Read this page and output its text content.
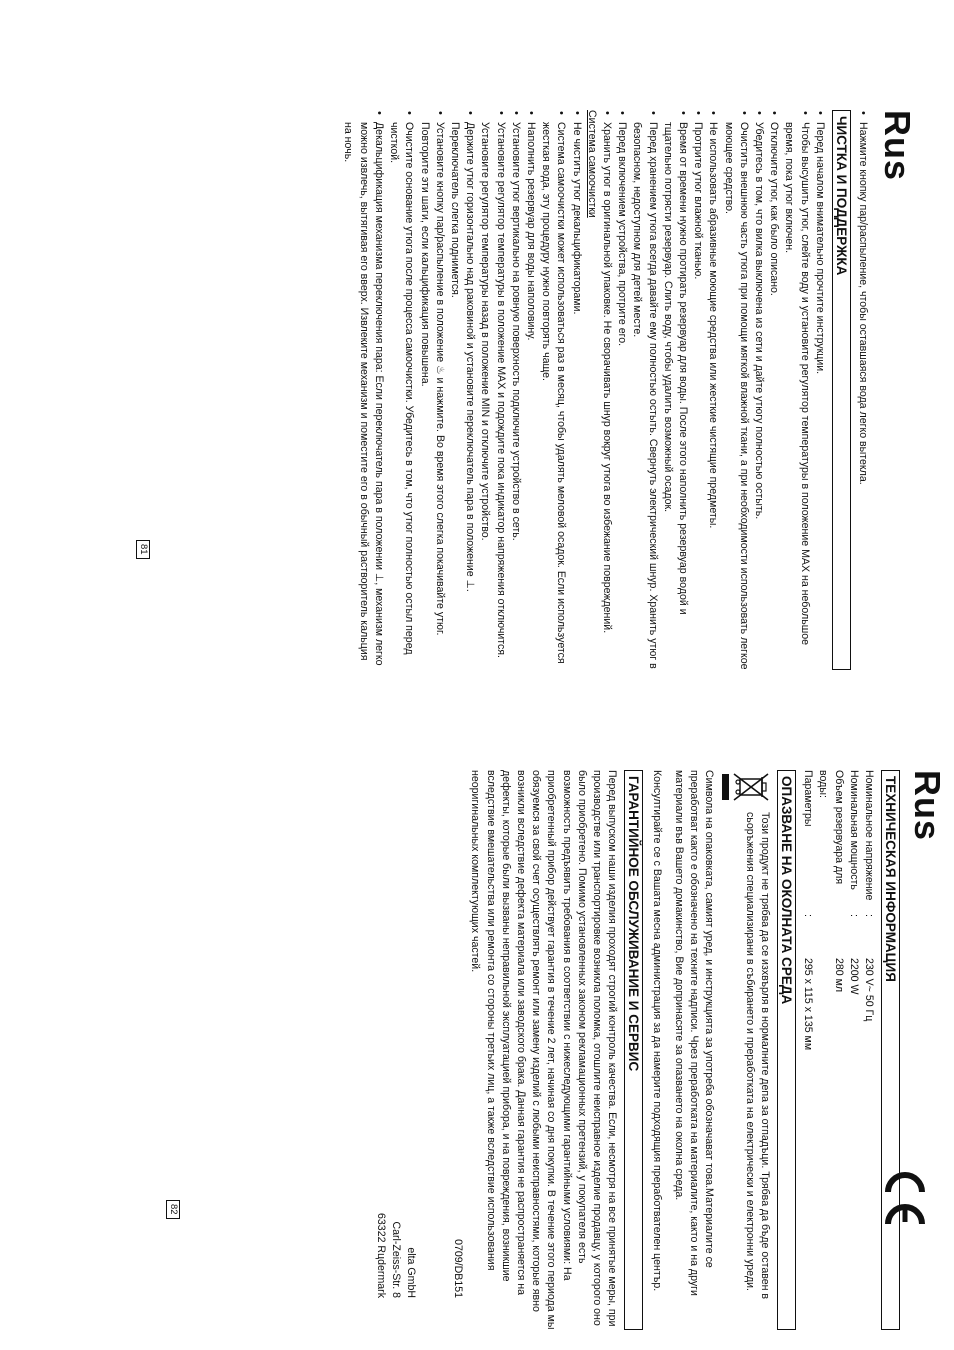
Rus
• Нажмите кнопку пар/распыление, чтобы оставшаяся вода легко вытекла.
ЧИСТКА И ПОДДЕРЖКА
• Перед началом внимательно прочтите инструкции.
• Чтобы высушить утюг, слейте воду и установите регулятор температуры в положение MAX на небольшое время, пока утюг включен.
• Отключите утюг, как было описано.
• Убедитесь в том, что вилка выключена из сети и дайте утюгу полностью остыть.
• Очистить внешнюю часть утюга при помощи мягкой влажной ткани, а при необходимости использовать легкое моющее средство.
• Не использовать абразивные моющие средства или жесткие чистящие предметы.
• Протрите утюг влажной тканью.
• Время от времени нужно протирать резервуар для воды. После этого наполнить резервуар водой и тщательно потрясти резервуар. Слить воду, чтобы удалить возможный осадок.
• Перед хранением утюга всегда давайте ему полностью остыть. Свернуть электрический шнур. Хранить утюг в безопасном, недоступном для детей месте.
• Перед включением устройства, протрите его.
• Хранить утюг в оригинальной упаковке. Не сворачивать шнур вокруг утюга во избежание повреждений.
Система самоочистки
• Не чистить утюг декальцификаторами.
• Система самоочистки может использоваться раз в месяц, чтобы удалять меловой осадок. Если используется жесткая вода, эту процедуру нужно повторять чаще.
• Наполнить резервуар для воды наполовину.
• Установите утюг вертикально на ровную поверхность подключите устройство в сеть.
• Установите регулятор температуры в положение MAX и подождите пока индикатор напряжения отключится. Установите регулятор температуры назад в положение MIN и отключите устройство.
• Держите утюг горизонтально над раковиной и установите переключатель пара в положение ⊥. Переключатель слегка поднимется.
• Установите кнопку пар/распыление в положение ♨ и нажмите. Во время этого слегка покачивайте утюг. Повторите эти шаги, если кальцификация повышена.
• Очистите основание утюга после процесса самоочистки. Убедитесь в том, что утюг полностью остыл перед чисткой.
• Декальцификация механизма переключения пара: Если переключатель пара в положении ⊥, механизм легко можно извлечь, вытягивая его вверх. Извлеките механизм и поместите его в обычный растворитель кальция на ночь.
81
Rus
ТЕХНИЧЕСКАЯ ИНФОРМАЦИЯ
Номинальное напряжение	:	230 V~ 50 Гц
Номинальная мощность	:	2200 W
Объем резервуара для воды:		280 мл
Параметры	:	295 x 115 x 135 мм
ОПАЗВАНЕ НА ОКОЛНАТА СРЕДА
Този продукт не трябва да се изхвърля в нормалните депа за отпадъци. Трябва да бъде оставен в сьоръжения специализирани в събирането и преработката на електрически и електронни уреди.

Символа на опаковката, самият уред, и инструкцията за употреба обозначават това.Материалите се преработват както е обозначено на техните надписи. Чрез преработката на материалите, както и на други материали във Вашето домакинство, Вие допринасяте за опазването на околна среда.

Консултирайте се с Вашата месна администрация за да намерите подходящия преработвателен център.

ГАРАНТИЙНОЕ ОБСЛУЖИВАНИЕ И СЕРВИС

Перед выпуском наши изделия проходят строгий контроль качества. Если, несмотря на все принятые меры, при производстве или транспортировке возникла поломка, отошлите неисправное изделие продавцу, у которого оно было приобретено. Помимо установленных законом рекламационных претензий, у покупателя есть возможность предъявить требования в соответствии с нижеследующими гарантийными условиями: На приобретенный прибор действует гарантия в течение 2 лет, начиная со дня покупки. В течение этого периода мы обязуемся за свой счет осуществлять ремонт или замену изделий с любыми неисправностями, которые явно возникли вследствие дефекта материала или заводского брака. Данная гарантия не распространяется на дефекты, которые были вызваны неправильной эксплуатацией прибора, и на повреждения, возникшие вследствие вмешательства или ремонта со стороны третьих лиц, а также вследствие использования неоригинальных комплектующих частей.

0709/DB151
elta GmbH
Carl-Zeiss-Str. 8
63322 Rцdermark
82
